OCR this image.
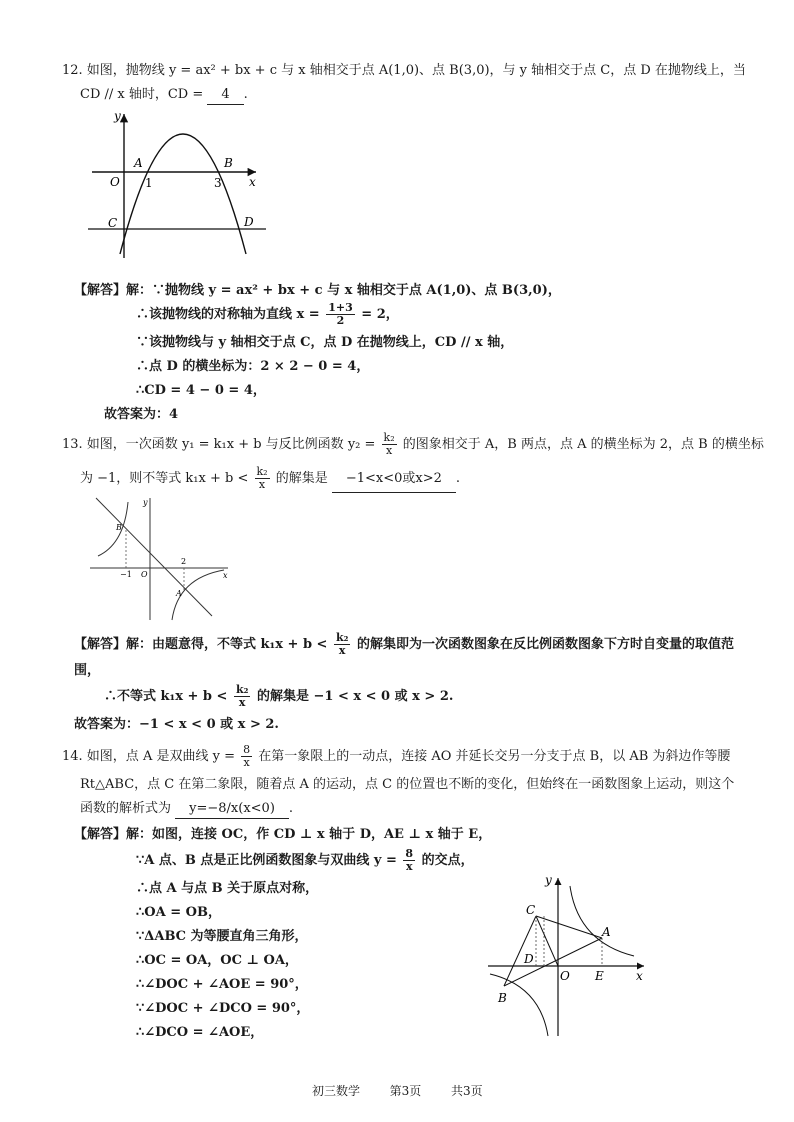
12. 如图，抛物线 y = ax² + bx + c 与 x 轴相交于点 A(1,0)、点 B(3,0)，与 y 轴相交于点 C，点 D 在抛物线上，当
CD // x 轴时，CD = 4 .
y
x
O
A	B
C	D
1	3
【解答】解：∵抛物线 y = ax² + bx + c 与 x 轴相交于点 A(1,0)、点 B(3,0)，
∴该抛物线的对称轴为直线 $x = \frac{1+3}{2} = 2$，
∵该抛物线与 y 轴相交于点 C，点 D 在抛物线上，CD // x 轴，
∴点 D 的横坐标为：2 × 2 − 0 = 4，
∴CD = 4 − 0 = 4，
故答案为：4
13. 如图，一次函数 y₁ = k₁x + b 与反比例函数 $y_2 = \frac{\text{k₂}}{x}$ 的图象相交于 A，B 两点，点 A 的横坐标为 2，点 B 的横坐标
为 −1，则不等式 $k_1x + b < \frac{\text{k₂}}{x}$ 的解集是 −1<x<0或x>2 .
y
x
O
B
A
−1
2
【解答】解：由题意得，不等式 $k_1x + b < \frac{\text{k₂}}{x}$ 的解集即为一次函数图象在反比例函数图象下方时自变量的取值范
围，
∴不等式 $k_1x + b < \frac{\text{k₂}}{x}$ 的解集是 −1 < x < 0 或 x > 2.
故答案为：−1 < x < 0 或 x > 2.
14. 如图，点 A 是双曲线 $y = \frac{8}{x}$ 在第一象限上的一动点，连接 AO 并延长交另一分支于点 B，以 AB 为斜边作等腰
Rt△ABC，点 C 在第二象限，随着点 A 的运动，点 C 的位置也不断的变化，但始终在一函数图象上运动，则这个
函数的解析式为 y=−8/x(x<0) .
【解答】解：如图，连接 OC，作 CD ⊥ x 轴于 D，AE ⊥ x 轴于 E，
∵A 点、B 点是正比例函数图象与双曲线 $y = \frac{8}{x}$ 的交点，
∴点 A 与点 B 关于原点对称，
∴OA = OB，
∵ΔABC 为等腰直角三角形，
∴OC = OA，OC ⊥ OA，
∴∠DOC + ∠AOE = 90°，
∵∠DOC + ∠DCO = 90°，
∴∠DCO = ∠AOE，
y
x
O
A
B
C
D
E
初三数学 第3页 共3页
